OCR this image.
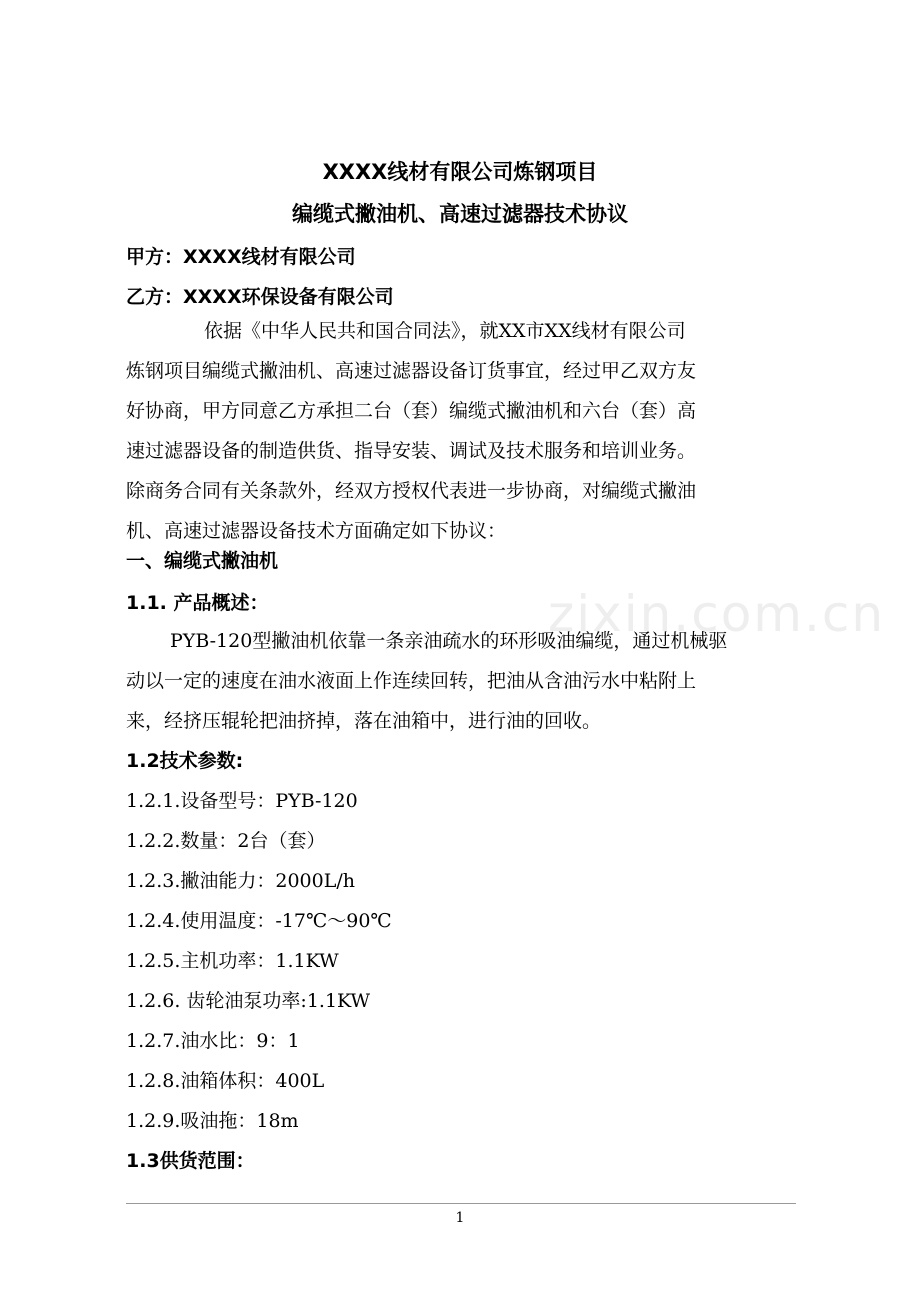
zixin.com.cn
XXXX线材有限公司炼钢项目
编缆式撇油机、高速过滤器技术协议
甲方：XXXX线材有限公司
乙方：XXXX环保设备有限公司
依据《中华人民共和国合同法》，就XX市XX线材有限公司
炼钢项目编缆式撇油机、高速过滤器设备订货事宜，经过甲乙双方友
好协商，甲方同意乙方承担二台（套）编缆式撇油机和六台（套）高
速过滤器设备的制造供货、指导安装、调试及技术服务和培训业务。
除商务合同有关条款外，经双方授权代表进一步协商，对编缆式撇油
机、高速过滤器设备技术方面确定如下协议：
一、编缆式撇油机
1.1. 产品概述：
PYB-120型撇油机依靠一条亲油疏水的环形吸油编缆，通过机械驱
动以一定的速度在油水液面上作连续回转，把油从含油污水中粘附上
来，经挤压辊轮把油挤掉，落在油箱中，进行油的回收。
1.2技术参数:
1.2.1.设备型号：PYB-120
1.2.2.数量：2台（套）
1.2.3.撇油能力：2000L/h
1.2.4.使用温度：-17℃～90℃
1.2.5.主机功率：1.1KW
1.2.6. 齿轮油泵功率:1.1KW
1.2.7.油水比：9：1
1.2.8.油箱体积：400L
1.2.9.吸油拖：18m
1.3供货范围：
1
